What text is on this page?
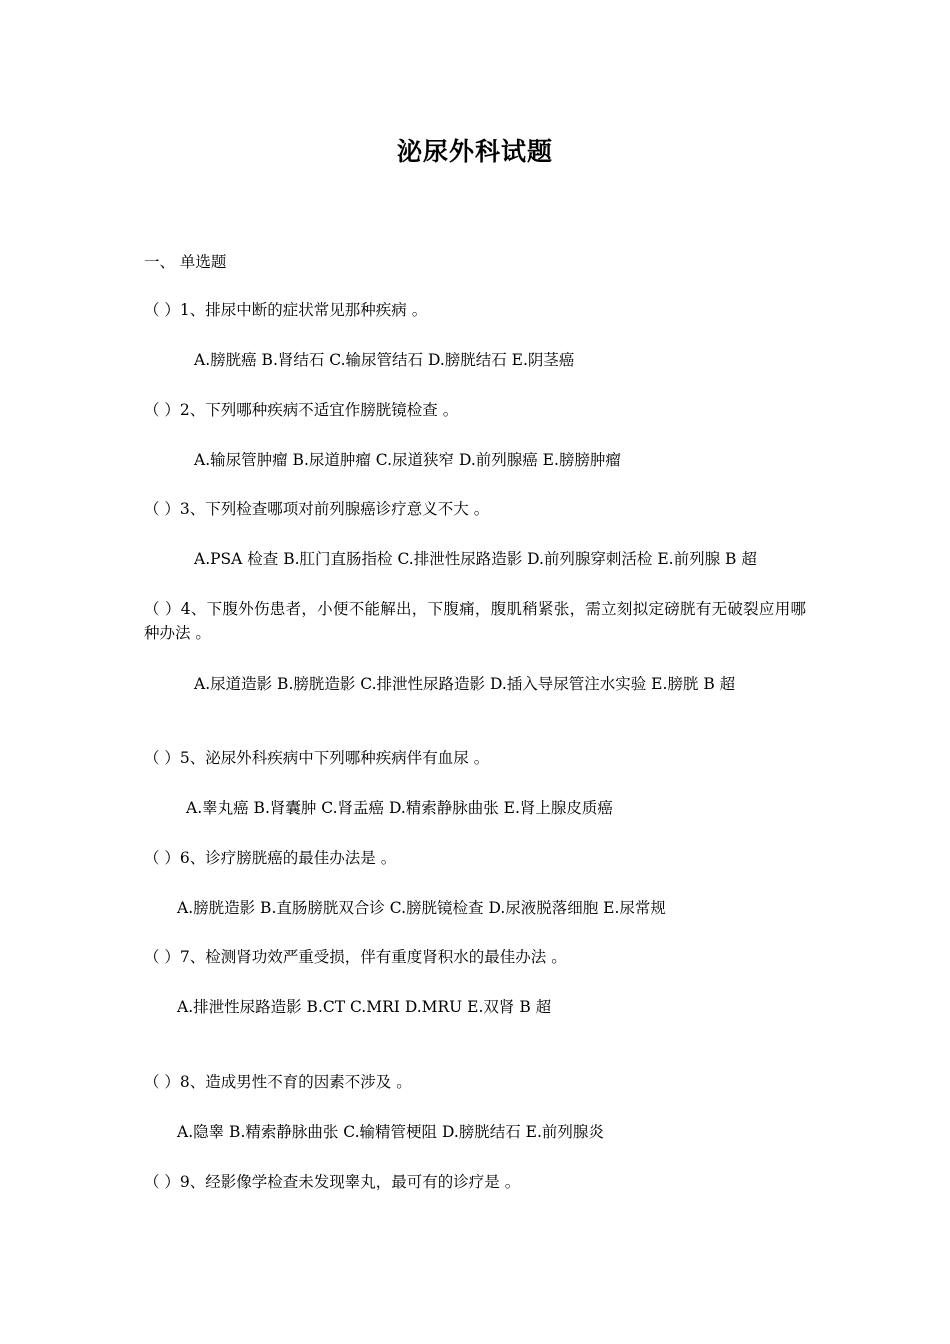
泌尿外科试题
一、 单选题
（ ）1、排尿中断的症状常见那种疾病 。
A.膀胱癌 B.肾结石 C.输尿管结石 D.膀胱结石 E.阴茎癌
（ ）2、下列哪种疾病不适宜作膀胱镜检查 。
A.输尿管肿瘤 B.尿道肿瘤 C.尿道狭窄 D.前列腺癌 E.膀膀肿瘤
（ ）3、下列检查哪项对前列腺癌诊疗意义不大 。
A.PSA 检查 B.肛门直肠指检 C.排泄性尿路造影 D.前列腺穿刺活检 E.前列腺 B 超
（ ）4、下腹外伤患者，小便不能解出，下腹痛，腹肌稍紧张，需立刻拟定磅胱有无破裂应用哪种办法 。
A.尿道造影 B.膀胱造影 C.排泄性尿路造影 D.插入导尿管注水实验 E.膀胱 B 超
（ ）5、泌尿外科疾病中下列哪种疾病伴有血尿 。
A.睾丸癌 B.肾囊肿 C.肾盂癌 D.精索静脉曲张 E.肾上腺皮质癌
（ ）6、诊疗膀胱癌的最佳办法是 。
A.膀胱造影 B.直肠膀胱双合诊 C.膀胱镜检查 D.尿液脱落细胞 E.尿常规
（ ）7、检测肾功效严重受损，伴有重度肾积水的最佳办法 。
A.排泄性尿路造影 B.CT C.MRI D.MRU E.双肾 B 超
（ ）8、造成男性不育的因素不涉及 。
A.隐睾 B.精索静脉曲张 C.输精管梗阻 D.膀胱结石 E.前列腺炎
（ ）9、经影像学检查未发现睾丸，最可有的诊疗是 。
